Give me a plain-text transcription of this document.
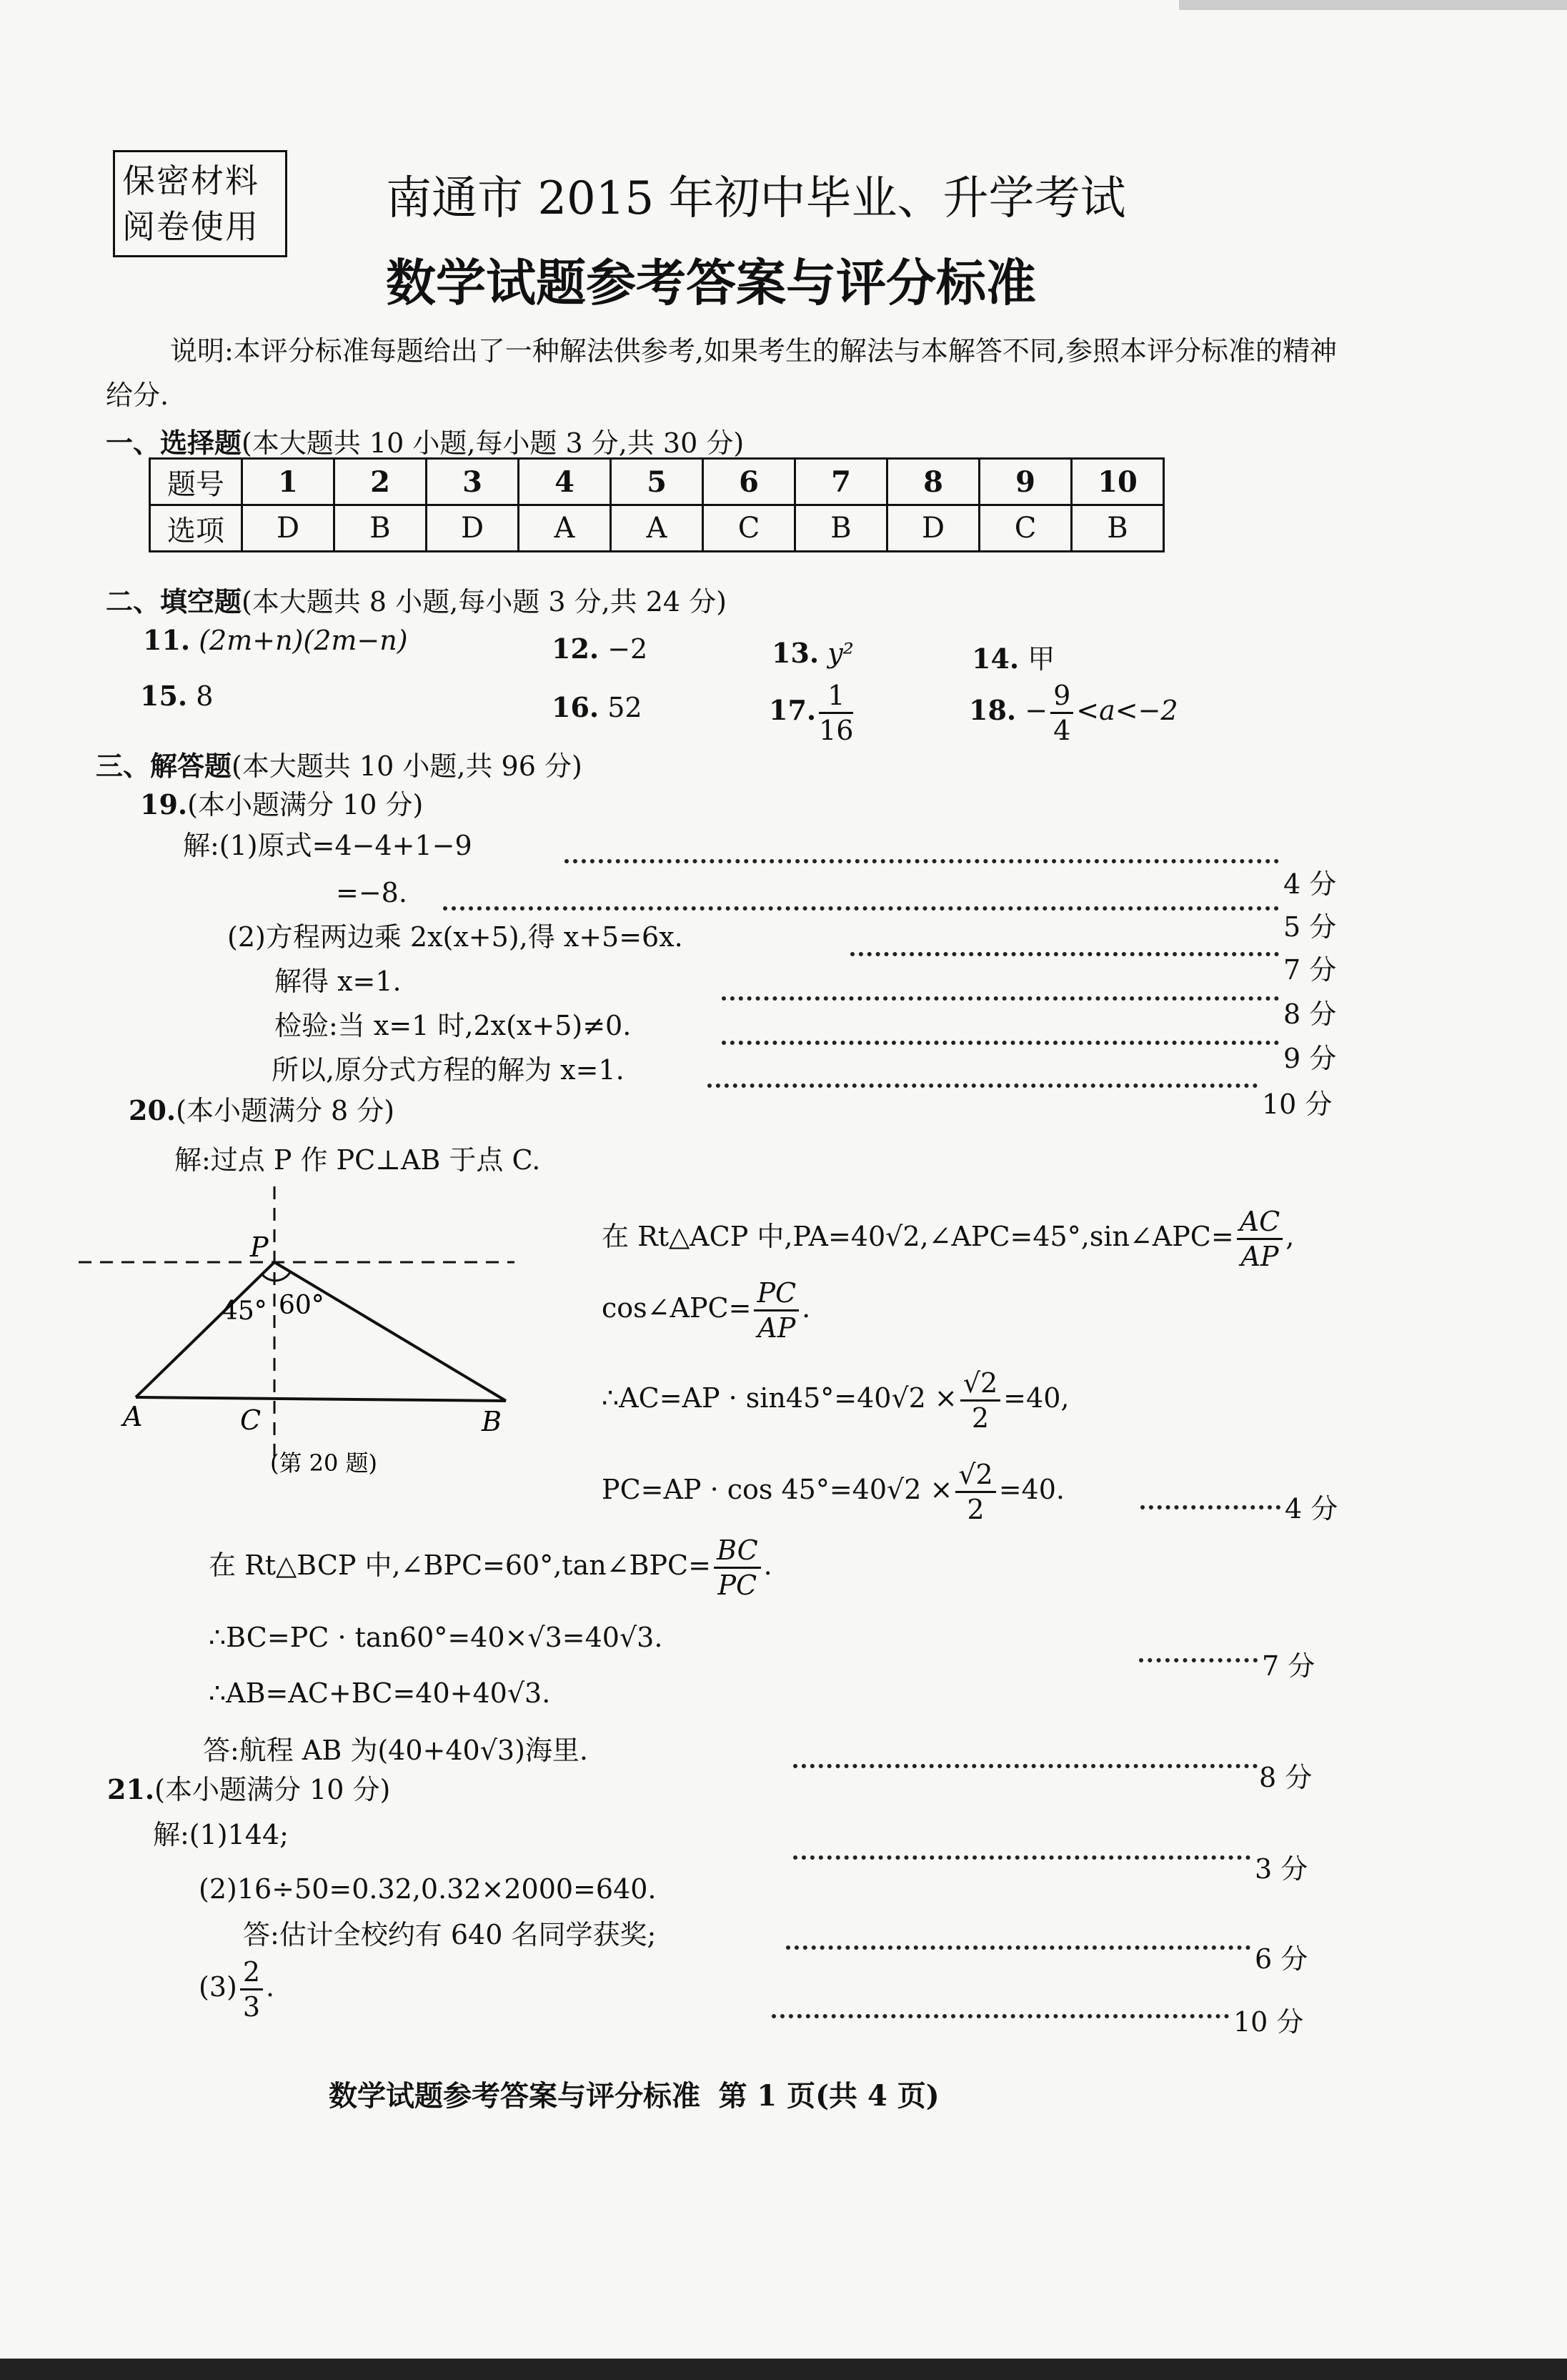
保密材料
阅卷使用
南通市 2015 年初中毕业、升学考试
数学试题参考答案与评分标准
说明:本评分标准每题给出了一种解法供参考,如果考生的解法与本解答不同,参照本评分标准的精神给分.
一、选择题(本大题共 10 小题,每小题 3 分,共 30 分)
题号	1	2	3	4	5	6	7	8	9	10
选项	D	B	D	A	A	C	B	D	C	B
二、填空题(本大题共 8 小题,每小题 3 分,共 24 分)
11. (2m+n)(2m−n)	12. −2	13. y²	14. 甲
15. 8	16. 52	17. $\frac{1}{16}$	18. − $\frac{9}{4} <a<-2$
三、解答题(本大题共 10 小题,共 96 分)
19.(本小题满分 10 分)
解:(1)原式=4−4+1−9
4 分
=−8.
5 分
(2)方程两边乘 2x(x+5),得 x+5=6x.
7 分
解得 x=1.
8 分
检验:当 x=1 时,2x(x+5)≠0.
9 分
所以,原分式方程的解为 x=1.
10 分
20.(本小题满分 8 分)
解:过点 P 作 PC⊥AB 于点 C.
P
45° 60°
A	C	B
(第 20 题)
在 Rt△ACP 中,PA=40√2,∠APC=45°,sin∠APC= $\frac{AC}{AP}$ ,
cos∠APC= $\frac{PC}{AP}$ .
∴AC=AP · $\sin 45^\circ=40√2 \times \frac{√2}{2} =40$,
$PC=AP \cdot \cos 45^\circ=40√2 \times \frac{√2}{2} =40$.
4 分
在 Rt△BCP 中,∠BPC=60°,tan∠BPC= $\frac{BC}{PC}$ .
∴BC=PC · tan60°=40×√3=40√3.
7 分
∴AB=AC+BC=40+40√3.
答:航程 AB 为(40+40√3)海里.
8 分
21.(本小题满分 10 分)
解:(1)144;
3 分
(2)16÷50=0.32,0.32×2000=640.
答:估计全校约有 640 名同学获奖;
6 分
$(3) \frac{2}{3}$ .
10 分
数学试题参考答案与评分标准 第 1 页(共 4 页)
